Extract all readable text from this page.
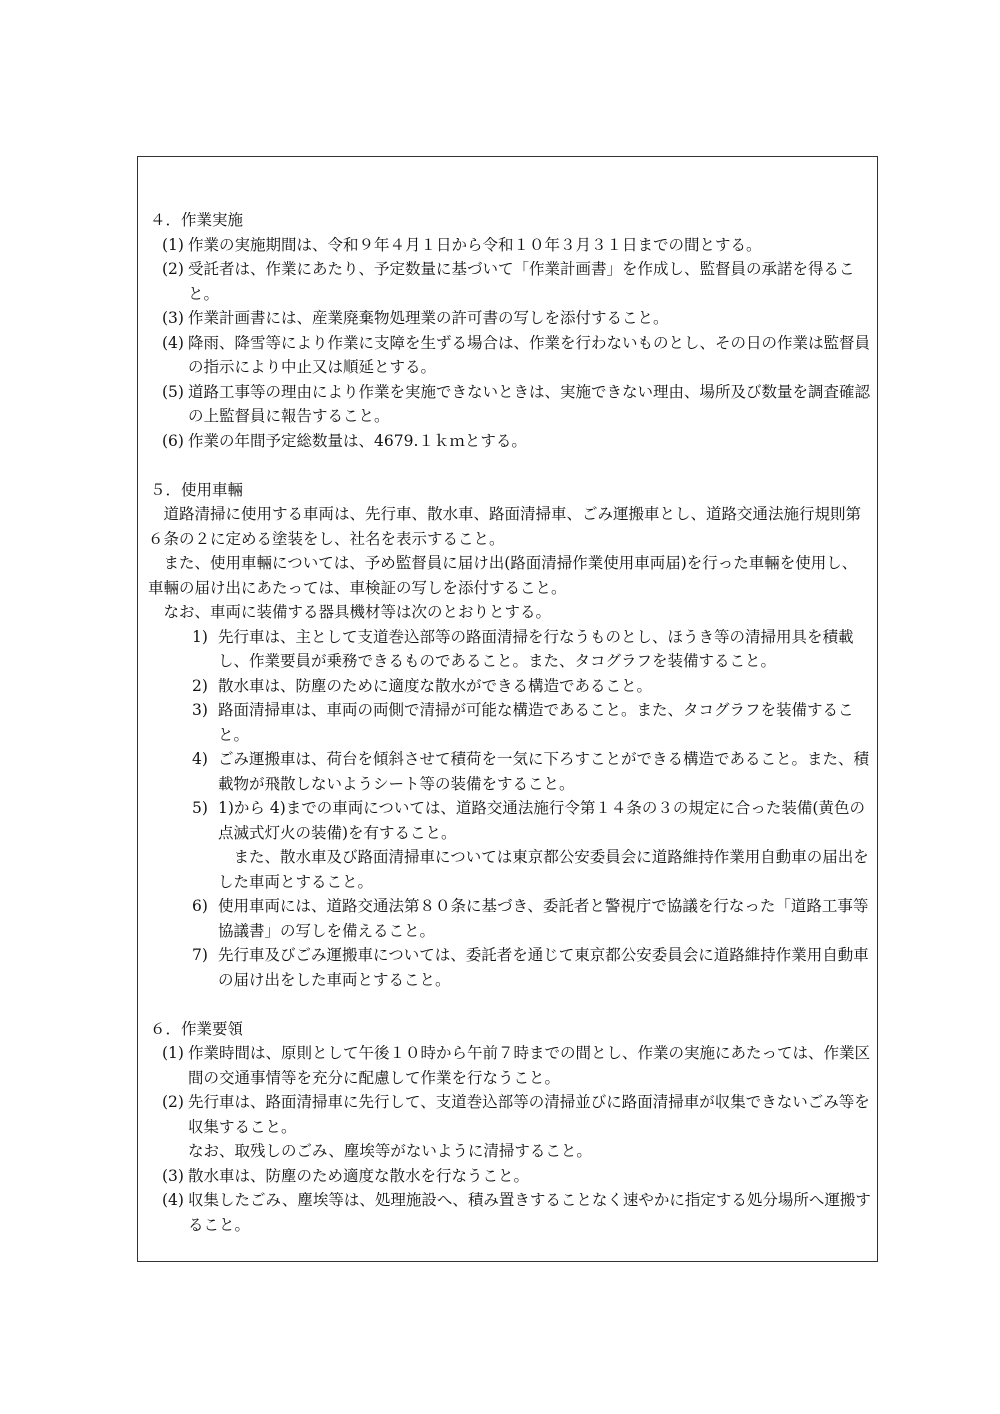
４．作業実施

(1) 作業の実施期間は、令和９年４月１日から令和１０年３月３１日までの間とする。
(2) 受託者は、作業にあたり、予定数量に基づいて「作業計画書」を作成し、監督員の承諾を得ること。
(3) 作業計画書には、産業廃棄物処理業の許可書の写しを添付すること。
(4) 降雨、降雪等により作業に支障を生ずる場合は、作業を行わないものとし、その日の作業は監督員の指示により中止又は順延とする。
(5) 道路工事等の理由により作業を実施できないときは、実施できない理由、場所及び数量を調査確認の上監督員に報告すること。
(6) 作業の年間予定総数量は、4679.１ｋｍとする。

５．使用車輛

道路清掃に使用する車両は、先行車、散水車、路面清掃車、ごみ運搬車とし、道路交通法施行規則第６条の２に定める塗装をし、社名を表示すること。

また、使用車輛については、予め監督員に届け出(路面清掃作業使用車両届)を行った車輛を使用し、車輛の届け出にあたっては、車検証の写しを添付すること。

なお、車両に装備する器具機材等は次のとおりとする。

1) 先行車は、主として支道巻込部等の路面清掃を行なうものとし、ほうき等の清掃用具を積載し、作業要員が乗務できるものであること。また、タコグラフを装備すること。
2) 散水車は、防塵のために適度な散水ができる構造であること。
3) 路面清掃車は、車両の両側で清掃が可能な構造であること。また、タコグラフを装備すること。
4) ごみ運搬車は、荷台を傾斜させて積荷を一気に下ろすことができる構造であること。また、積載物が飛散しないようシート等の装備をすること。
5) 1)から 4)までの車両については、道路交通法施行令第１４条の３の規定に合った装備(黄色の点滅式灯火の装備)を有すること。

また、散水車及び路面清掃車については東京都公安委員会に道路維持作業用自動車の届出をした車両とすること。

6) 使用車両には、道路交通法第８０条に基づき、委託者と警視庁で協議を行なった「道路工事等協議書」の写しを備えること。
7) 先行車及びごみ運搬車については、委託者を通じて東京都公安委員会に道路維持作業用自動車の届け出をした車両とすること。

６．作業要領

(1) 作業時間は、原則として午後１０時から午前７時までの間とし、作業の実施にあたっては、作業区間の交通事情等を充分に配慮して作業を行なうこと。
(2) 先行車は、路面清掃車に先行して、支道巻込部等の清掃並びに路面清掃車が収集できないごみ等を収集すること。

なお、取残しのごみ、塵埃等がないように清掃すること。

(3) 散水車は、防塵のため適度な散水を行なうこと。
(4) 収集したごみ、塵埃等は、処理施設へ、積み置きすることなく速やかに指定する処分場所へ運搬すること。
